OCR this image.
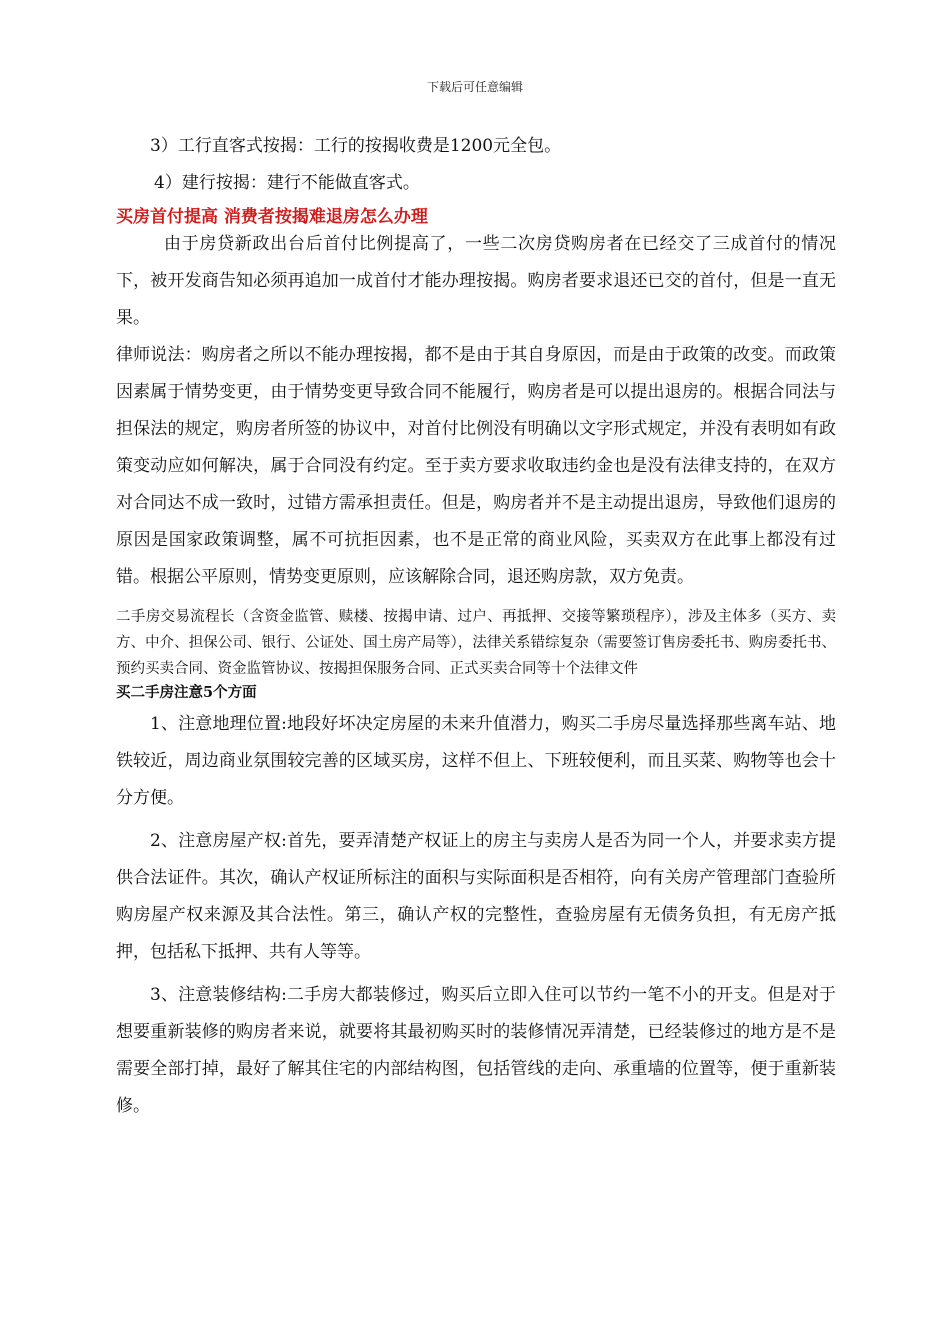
下载后可任意编辑

3）工行直客式按揭：工行的按揭收费是1200元全包。

4）建行按揭：建行不能做直客式。

买房首付提高 消费者按揭难退房怎么办理

由于房贷新政出台后首付比例提高了，一些二次房贷购房者在已经交了三成首付的情况下，被开发商告知必须再追加一成首付才能办理按揭。购房者要求退还已交的首付，但是一直无果。

律师说法：购房者之所以不能办理按揭，都不是由于其自身原因，而是由于政策的改变。而政策因素属于情势变更，由于情势变更导致合同不能履行，购房者是可以提出退房的。根据合同法与担保法的规定，购房者所签的协议中，对首付比例没有明确以文字形式规定，并没有表明如有政策变动应如何解决，属于合同没有约定。至于卖方要求收取违约金也是没有法律支持的，在双方对合同达不成一致时，过错方需承担责任。但是，购房者并不是主动提出退房，导致他们退房的原因是国家政策调整，属不可抗拒因素，也不是正常的商业风险，买卖双方在此事上都没有过错。根据公平原则，情势变更原则，应该解除合同，退还购房款，双方免责。

二手房交易流程长（含资金监管、赎楼、按揭申请、过户、再抵押、交接等繁琐程序），涉及主体多（买方、卖方、中介、担保公司、银行、公证处、国土房产局等），法律关系错综复杂（需要签订售房委托书、购房委托书、预约买卖合同、资金监管协议、按揭担保服务合同、正式买卖合同等十个法律文件

买二手房注意5个方面

1、注意地理位置:地段好坏决定房屋的未来升值潜力，购买二手房尽量选择那些离车站、地铁较近，周边商业氛围较完善的区域买房，这样不但上、下班较便利，而且买菜、购物等也会十分方便。

2、注意房屋产权:首先，要弄清楚产权证上的房主与卖房人是否为同一个人，并要求卖方提供合法证件。其次，确认产权证所标注的面积与实际面积是否相符，向有关房产管理部门查验所购房屋产权来源及其合法性。第三，确认产权的完整性，查验房屋有无债务负担，有无房产抵押，包括私下抵押、共有人等等。

3、注意装修结构:二手房大都装修过，购买后立即入住可以节约一笔不小的开支。但是对于想要重新装修的购房者来说，就要将其最初购买时的装修情况弄清楚，已经装修过的地方是不是需要全部打掉，最好了解其住宅的内部结构图，包括管线的走向、承重墙的位置等，便于重新装修。
